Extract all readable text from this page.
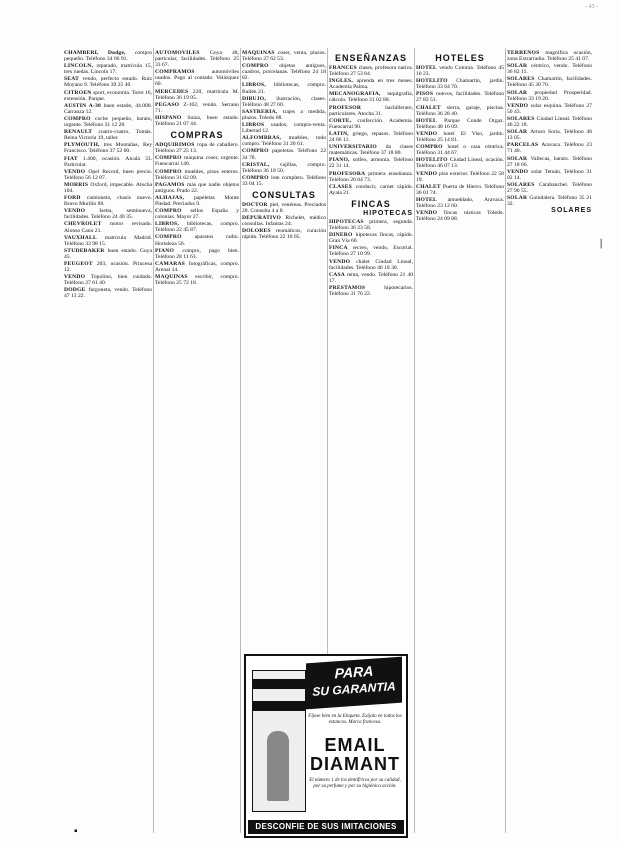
- 43 -

CHAMBERI, Dodge, compro pequeño. Teléfono 34 66 91.

LINCOLN, reparado, matrícula 15, tres ruedas. Lincoln 17.

SEAT vendo, perfecto estado. Ruiz Moyano 9. Teléfono 39 25 40.

CITROEN sport, economía. Torre 16, extensión. Parque.

AUSTIN A-30 buen estado, 44.000. Carranza 12.

COMPRO coche pequeño, barato, urgente. Teléfono 31 12 28.

RENAULT cuatro-cuatro, Tomás. Reina Victoria 19, taller.

PLYMOUTH, tres Montañas, Rey Francisco. Teléfono 37 52 00.

FIAT 1.400, ocasión. Alcalá 33. Particular.

VENDO Opel Record, buen precio. Teléfono 56 12 07.

MORRIS Oxford, impecable. Atocha 104.

FORD camioneta, chasis nuevo. Bravo Murillo 88.

VENDO Isetta, seminueva, facilidades. Teléfono 24 40 35.

CHEVROLET motor revisado. Alonso Cano 21.

VAUXHALL matrícula Madrid. Teléfono 33 98 15.

STUDEBAKER buen estado. Goya 45.

PEUGEOT 203, ocasión. Princesa 12.

VENDO Topolino, bien cuidado. Teléfono 27 61 40.

DODGE furgoneta, vendo. Teléfono 47 13 22.

AUTOMOVILES Goya 48, particular, facilidades. Teléfono 25 33 67.

COMPRAMOS automóviles usados. Pago al contado. Velázquez 60.

MERCEDES 220, matrícula M. Teléfono 36 19 05.

PEGASO Z-102, vendo. Serrano 71.

HISPANO Suiza, buen estado. Teléfono 21 07 44.

COMPRAS

ADQUIRIMOS ropa de caballero. Teléfono 27 25 13.

COMPRO máquina coser, urgente. Fuencarral 140.

COMPRO muebles, pisos enteros. Teléfono 31 62 09.

PAGAMOS más que nadie objetos antiguos. Prado 22.

ALHAJAS, papeletas Monte Piedad. Preciados 9.

COMPRO sellos España y colonias. Mayor 27.

LIBROS, bibliotecas, compro. Teléfono 22 45 87.

COMPRO aparatos radio. Hortaleza 56.

PIANO compro, pago bien. Teléfono 28 11 63.

CAMARAS fotográficas, compro. Arenal 14.

MAQUINAS escribir, compro. Teléfono 25 72 18.

MAQUINAS coser, venta, plazos. Teléfono 27 62 53.

COMPRO objetos antiguos, cuadros, porcelanas. Teléfono 24 18 82.

LIBROS, bibliotecas, compro. Bailén 21.

DIBUJO, ilustración, clases. Teléfono 48 27 60.

SASTRERIA, trajes a medida, plazos. Toledo 88.

LIBROS usados, compra-venta. Libertad 12.

ALFOMBRAS, muebles, todo compro. Teléfono 31 20 61.

COMPRO papeletas. Teléfono 22 34 78.

CRISTAL, vajillas, compro. Teléfono 36 18 50.

COMPRO lote completo. Teléfono 33 04 15.

CONSULTAS

DOCTOR piel, venéreas. Preciados 20. Consulta 4 a 8.

DEPURATIVO Richelet, médico consultas. Infantas 24.

DOLORES reumáticos, curación rápida. Teléfono 22 10 05.

ENSEÑANZAS

FRANCES clases, profesora nativa. Teléfono 27 53 84.

INGLES, aprenda en tres meses. Academia Palma.

MECANOGRAFIA, taquigrafía, cálculo. Teléfono 31 02 88.

PROFESOR bachillerato, particulares. Atocha 31.

CORTE, confección. Academia. Fuencarral 90.

LATIN, griego, repasos. Teléfono 24 66 11.

UNIVERSITARIO da clases matemáticas. Teléfono 37 18 80.

PIANO, solfeo, armonía. Teléfono 22 31 14.

PROFESORA primera enseñanza. Teléfono 26 04 73.

CLASES conducir, carnet rápido. Ayala 21.

FINCAS
HIPOTECAS

HIPOTECAS primera, segunda. Teléfono 36 23 58.

DINERO hipotecas fincas, rápido. Gran Vía 60.

FINCA recreo, vendo, Escorial. Teléfono 27 10 99.

VENDO chalet Ciudad Lineal, facilidades. Teléfono 46 18 30.

CASA renta, vendo. Teléfono 21 40 17.

PRESTAMOS hipotecarios. Teléfono 31 76 22.

HOTELES

HOTEL vendo Colonia. Teléfono 45 10 23.

HOTELITO Chamartín, jardín. Teléfono 33 64 70.

PISOS nuevos, facilidades. Teléfono 27 83 51.

CHALET sierra, garaje, piscina. Teléfono 36 28 40.

HOTEL Parque Conde Orgaz. Teléfono 48 16 09.

VENDO hotel El Viso, jardín. Teléfono 25 14 81.

COMPRO hotel o casa céntrica. Teléfono 31 44 67.

HOTELITO Ciudad Lineal, ocasión. Teléfono 46 07 13.

VENDO piso exterior. Teléfono 22 58 19.

CHALET Puerta de Hierro. Teléfono 36 01 74.

HOTEL amueblado, Aravaca. Teléfono 23 12 60.

VENDO fincas rústicas Toledo. Teléfono 24 09 88.

TERRENOS magnífica ocasión, zona Extrarradio. Teléfono 25 41 07.

SOLAR céntrico, vendo. Teléfono 36 82 11.

SOLARES Chamartín, facilidades. Teléfono 45 30 76.

SOLAR propiedad Prosperidad. Teléfono 33 19 20.

VENDO solar esquina. Teléfono 27 50 43.

SOLARES Ciudad Lineal. Teléfono 46 22 18.

SOLAR Arturo Soria. Teléfono 46 13 05.

PARCELAS Aravaca. Teléfono 23 71 40.

SOLAR Vallecas, barato. Teléfono 27 18 66.

VENDO solar Tetuán. Teléfono 31 02 14.

SOLARES Carabanchel. Teléfono 27 90 55.

SOLAR Guindalera. Teléfono 35 21 32.

SOLARES
PARA
SU GARANTIA
Fíjese bien en la Etiqueta. Exíjalo en todos los estancos. Marca francesa.
EMAIL
DIAMANT
El número 1 de los dentífricos por su calidad, por su perfume y por su higiénica acción.
DESCONFIE DE SUS IMITACIONES
▪	▪
|
